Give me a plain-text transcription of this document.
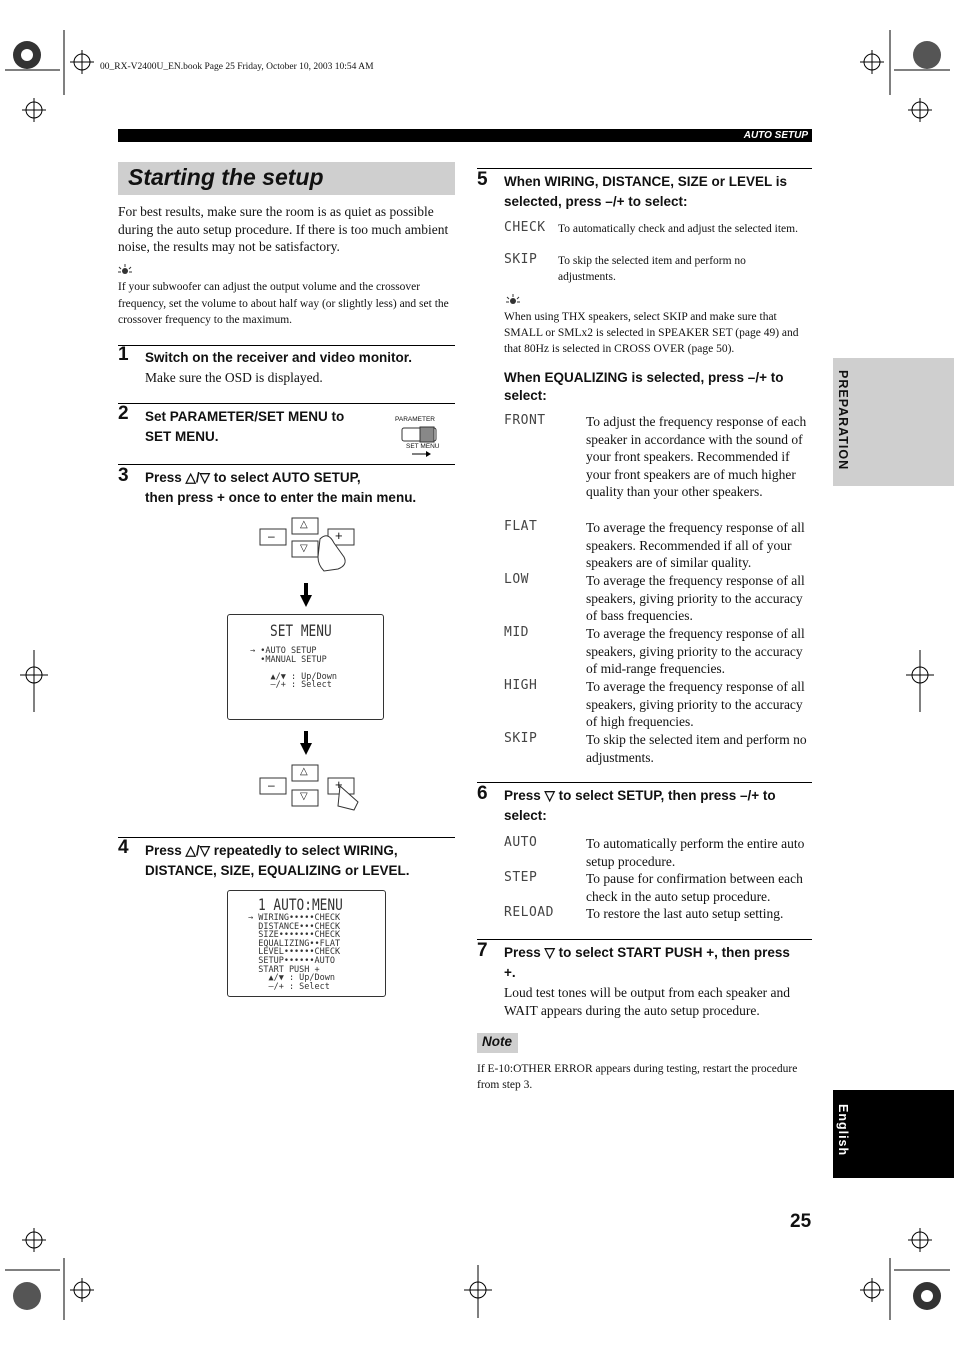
00_RX-V2400U_EN.book Page 25 Friday, October 10, 2003 10:54 AM
AUTO SETUP
Starting the setup
For best results, make sure the room is as quiet as possible during the auto setup procedure. If there is too much ambient noise, the results may not be satisfactory.
If your subwoofer can adjust the output volume and the crossover frequency, set the volume to about half way (or slightly less) and set the crossover frequency to the maximum.
1 Switch on the receiver and video monitor.
Make sure the OSD is displayed.
2 Set PARAMETER/SET MENU to SET MENU.
PARAMETER
SET MENU
3 Press △/▽ to select AUTO SETUP,
then press + once to enter the main menu.
–	+
△
▽
SET MENU
→ •AUTO SETUP
•MANUAL SETUP

▲/▼ : Up/Down
–/+ : Select
–	+
△
▽
4 Press △/▽ repeatedly to select WIRING,
DISTANCE, SIZE, EQUALIZING or LEVEL.
1 AUTO:MENU
→ WIRING•••••CHECK
DISTANCE•••CHECK
SIZE•••••••CHECK
EQUALIZING••FLAT
LEVEL••••••CHECK
SETUP••••••AUTO
START PUSH +
▲/▼ : Up/Down
–/+ : Select
5 When WIRING, DISTANCE, SIZE or LEVEL is
selected, press –/+ to select:
CHECK To automatically check and adjust the selected item.
SKIP To skip the selected item and perform no adjustments.
When using THX speakers, select SKIP and make sure that SMALL or SMLx2 is selected in SPEAKER SET (page 49) and that 80Hz is selected in CROSS OVER (page 50).
When EQUALIZING is selected, press –/+ to
select:
FRONT	To adjust the frequency response of each speaker in accordance with the sound of your front speakers. Recommended if your front speakers are of much higher quality than your other speakers.
FLAT	To average the frequency response of all speakers. Recommended if all of your speakers are of similar quality.
LOW	To average the frequency response of all speakers, giving priority to the accuracy of bass frequencies.
MID	To average the frequency response of all speakers, giving priority to the accuracy of mid-range frequencies.
HIGH	To average the frequency response of all speakers, giving priority to the accuracy of high frequencies.
SKIP	To skip the selected item and perform no adjustments.
6 Press ▽ to select SETUP, then press –/+ to
select:
AUTO	To automatically perform the entire auto setup procedure.
STEP	To pause for confirmation between each check in the auto setup procedure.
RELOAD To restore the last auto setup setting.
7 Press ▽ to select START PUSH +, then press
+.
Loud test tones will be output from each speaker and WAIT appears during the auto setup procedure.
Note
If E-10:OTHER ERROR appears during testing, restart the procedure from step 3.
PREPARATION
English
25
